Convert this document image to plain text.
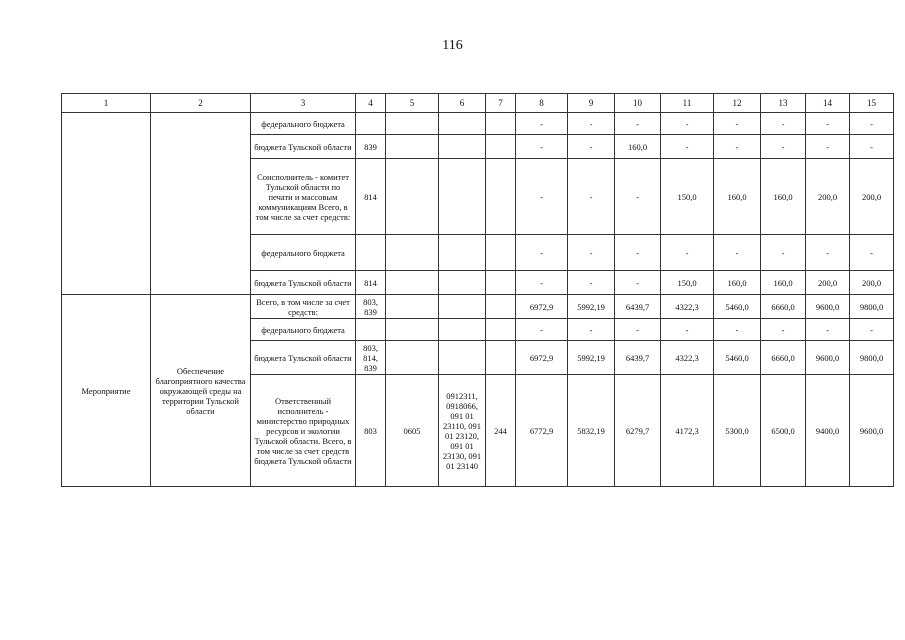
116
1	2	3	4	5	6	7	8	9	10	11	12	13	14	15
		федерального бюджета					-	-	-	-	-	-	-	-
		бюджета Тульской области	839				-	-	160,0	-	-	-	-	-
		Соисполнитель - комитет Тульской области по печати и массовым коммуникациям Всего, в том числе за счет средств:	814				-	-	-	150,0	160,0	160,0	200,0	200,0
		федерального бюджета					-	-	-	-	-	-	-	-
		бюджета Тульской области	814				-	-	-	150,0	160,0	160,0	200,0	200,0
Мероприятие	Обеспечение благоприятного качества окружающей среды на территории Тульской области	Всего, в том числе за счет средств:	803, 839				6972,9	5992,19	6439,7	4322,3	5460,0	6660,0	9600,0	9800,0
		федерального бюджета					-	-	-	-	-	-	-	-
		бюджета Тульской области	803, 814, 839				6972,9	5992,19	6439,7	4322,3	5460,0	6660,0	9600,0	9800,0
		Ответственный исполнитель - министерство природных ресурсов и экологии Тульской области. Всего, в том числе за счет средств бюджета Тульской области	803	0605	0912311, 0918066, 091 01 23110, 091 01 23120, 091 01 23130, 091 01 23140	244	6772,9	5832,19	6279,7	4172,3	5300,0	6500,0	9400,0	9600,0
